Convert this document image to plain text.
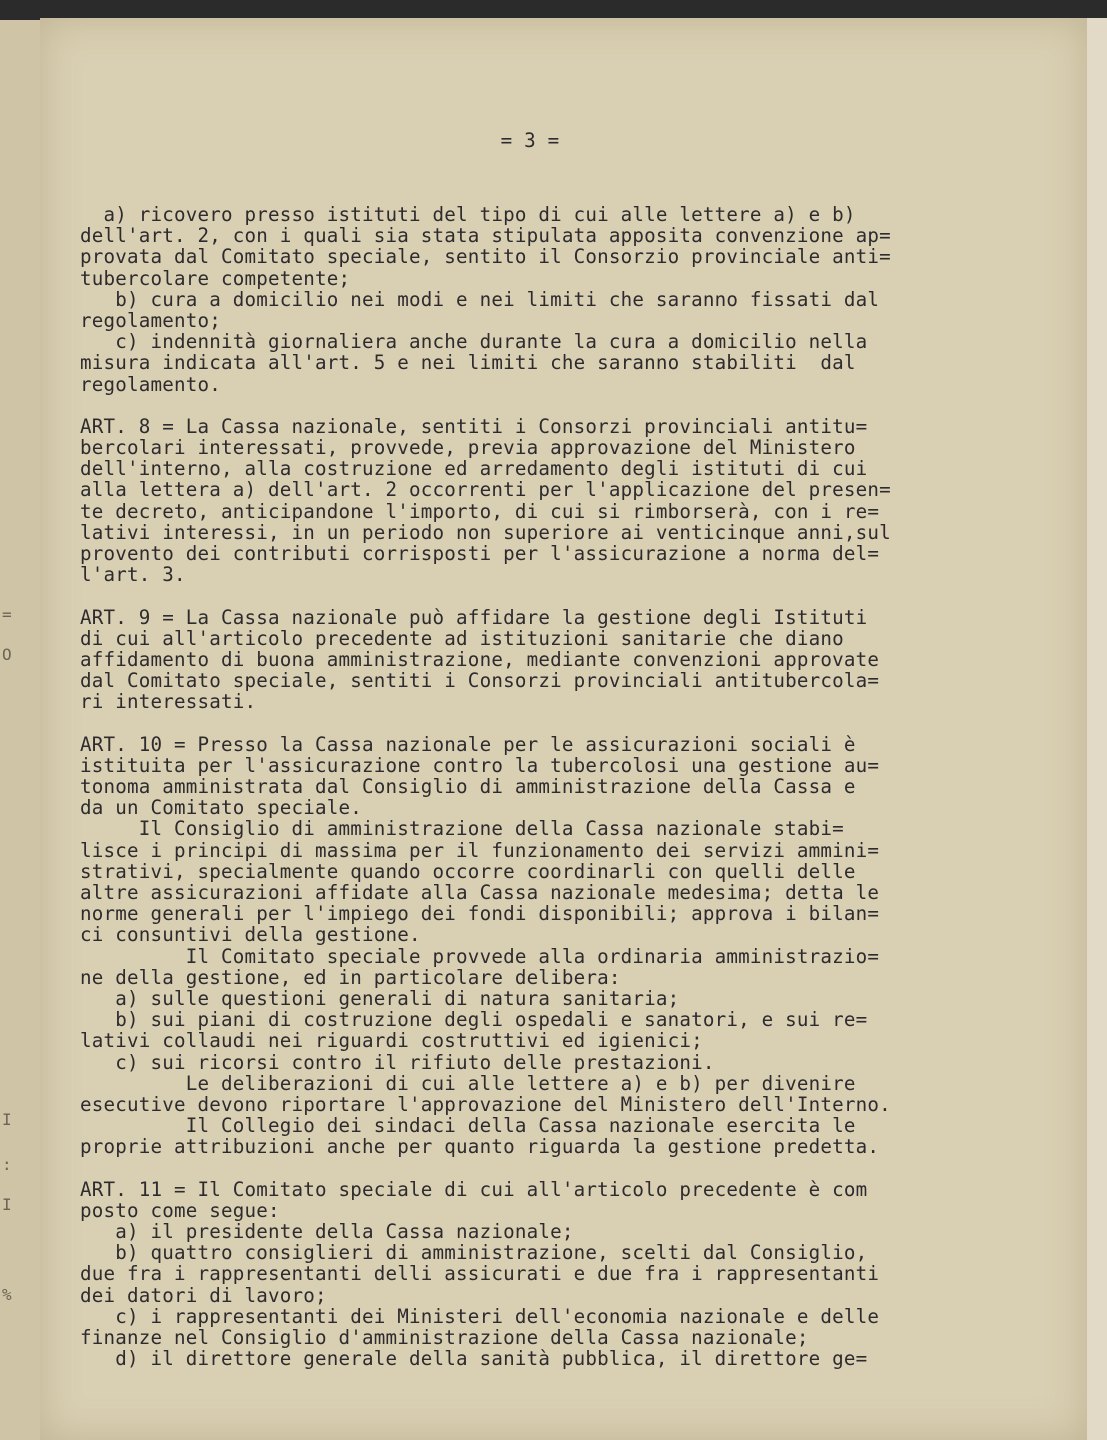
=
O
I
:
I
%

= 3 =

a) ricovero presso istituti del tipo di cui alle lettere a) e b)
dell'art. 2, con i quali sia stata stipulata apposita convenzione ap=
provata dal Comitato speciale, sentito il Consorzio provinciale anti=
tubercolare competente;
b) cura a domicilio nei modi e nei limiti che saranno fissati dal
regolamento;
c) indennità giornaliera anche durante la cura a domicilio nella
misura indicata all'art. 5 e nei limiti che saranno stabiliti  dal
regolamento.
ART. 8 = La Cassa nazionale, sentiti i Consorzi provinciali antitu=
bercolari interessati, provvede, previa approvazione del Ministero
dell'interno, alla costruzione ed arredamento degli istituti di cui
alla lettera a) dell'art. 2 occorrenti per l'applicazione del presen=
te decreto, anticipandone l'importo, di cui si rimborserà, con i re=
lativi interessi, in un periodo non superiore ai venticinque anni,sul
provento dei contributi corrisposti per l'assicurazione a norma del=
l'art. 3.
ART. 9 = La Cassa nazionale può affidare la gestione degli Istituti
di cui all'articolo precedente ad istituzioni sanitarie che diano
affidamento di buona amministrazione, mediante convenzioni approvate
dal Comitato speciale, sentiti i Consorzi provinciali antitubercola=
ri interessati.
ART. 10 = Presso la Cassa nazionale per le assicurazioni sociali è
istituita per l'assicurazione contro la tubercolosi una gestione au=
tonoma amministrata dal Consiglio di amministrazione della Cassa e
da un Comitato speciale.
Il Consiglio di amministrazione della Cassa nazionale stabi=
lisce i principi di massima per il funzionamento dei servizi ammini=
strativi, specialmente quando occorre coordinarli con quelli delle
altre assicurazioni affidate alla Cassa nazionale medesima; detta le
norme generali per l'impiego dei fondi disponibili; approva i bilan=
ci consuntivi della gestione.
Il Comitato speciale provvede alla ordinaria amministrazio=
ne della gestione, ed in particolare delibera:
a) sulle questioni generali di natura sanitaria;
b) sui piani di costruzione degli ospedali e sanatori, e sui re=
lativi collaudi nei riguardi costruttivi ed igienici;
c) sui ricorsi contro il rifiuto delle prestazioni.
Le deliberazioni di cui alle lettere a) e b) per divenire
esecutive devono riportare l'approvazione del Ministero dell'Interno.
Il Collegio dei sindaci della Cassa nazionale esercita le
proprie attribuzioni anche per quanto riguarda la gestione predetta.
ART. 11 = Il Comitato speciale di cui all'articolo precedente è com
posto come segue:
a) il presidente della Cassa nazionale;
b) quattro consiglieri di amministrazione, scelti dal Consiglio,
due fra i rappresentanti delli assicurati e due fra i rappresentanti
dei datori di lavoro;
c) i rappresentanti dei Ministeri dell'economia nazionale e delle
finanze nel Consiglio d'amministrazione della Cassa nazionale;
d) il direttore generale della sanità pubblica, il direttore ge=
